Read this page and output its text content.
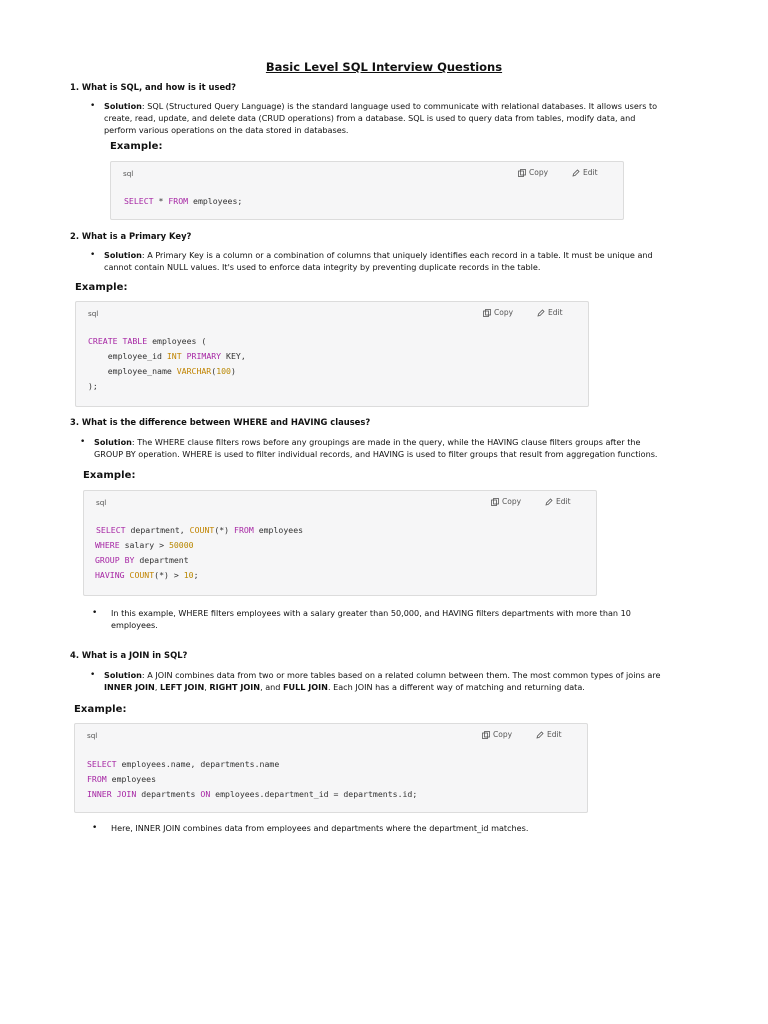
Basic Level SQL Interview Questions
1. What is SQL, and how is it used?
• Solution: SQL (Structured Query Language) is the standard language used to communicate with relational databases. It allows users to
create, read, update, and delete data (CRUD operations) from a database. SQL is used to query data from tables, modify data, and
perform various operations on the data stored in databases.
Example:
sql	Copy	Edit
SELECT * FROM employees;
2. What is a Primary Key?
• Solution: A Primary Key is a column or a combination of columns that uniquely identifies each record in a table. It must be unique and
cannot contain NULL values. It's used to enforce data integrity by preventing duplicate records in the table.
Example:
sql	Copy	Edit
CREATE TABLE employees (
employee_id INT PRIMARY KEY,
employee_name VARCHAR(100)
);
3. What is the difference between WHERE and HAVING clauses?
• Solution: The WHERE clause filters rows before any groupings are made in the query, while the HAVING clause filters groups after the
GROUP BY operation. WHERE is used to filter individual records, and HAVING is used to filter groups that result from aggregation functions.
Example:
sql	Copy	Edit
SELECT department, COUNT(*) FROM employees
WHERE salary > 50000
GROUP BY department
HAVING COUNT(*) > 10;
• In this example, WHERE filters employees with a salary greater than 50,000, and HAVING filters departments with more than 10
employees.
4. What is a JOIN in SQL?
• Solution: A JOIN combines data from two or more tables based on a related column between them. The most common types of joins are
INNER JOIN, LEFT JOIN, RIGHT JOIN, and FULL JOIN. Each JOIN has a different way of matching and returning data.
Example:
sql	Copy	Edit
SELECT employees.name, departments.name
FROM employees
INNER JOIN departments ON employees.department_id = departments.id;
• Here, INNER JOIN combines data from employees and departments where the department_id matches.
